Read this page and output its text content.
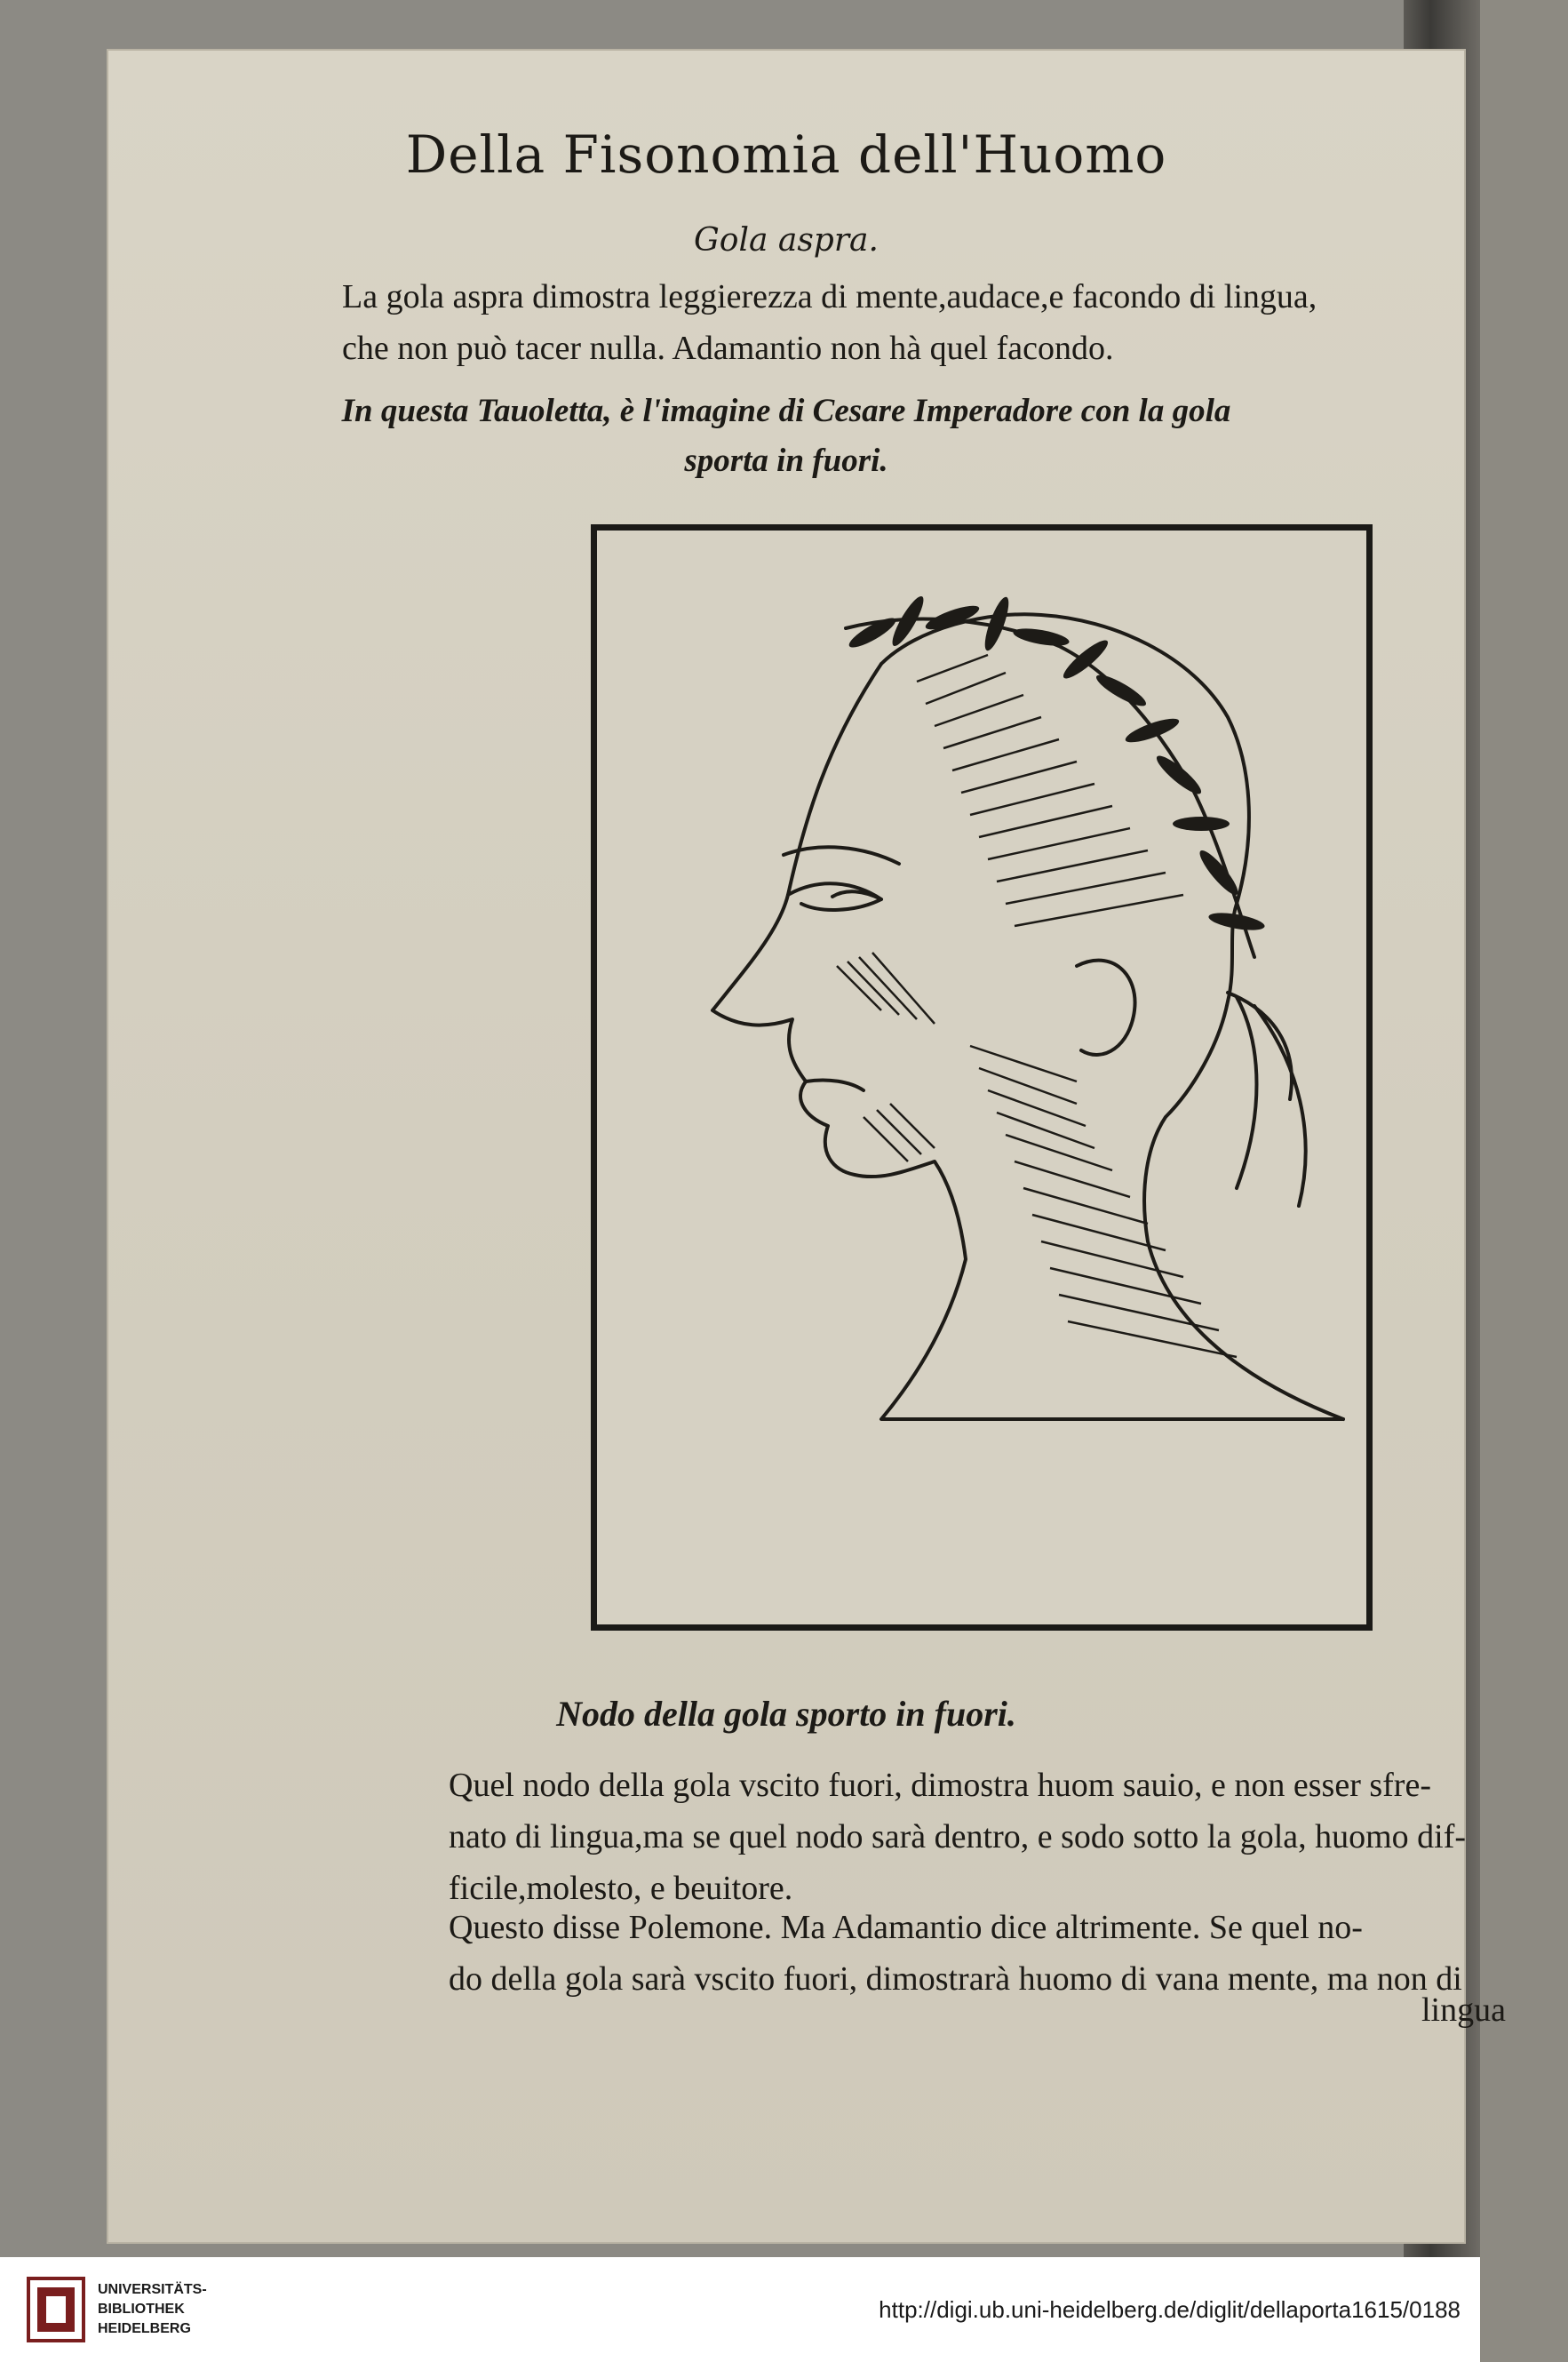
Della Fisonomia dell'Huomo
Gola aspra.
La gola aspra dimostra leggierezza di mente,audace,e facondo di lingua,
che non può tacer nulla. Adamantio non hà quel facondo.
In questa Tauoletta, è l'imagine di Cesare Imperadore con la gola
sporta in fuori.
Nodo della gola sporto in fuori.
Quel nodo della gola vscito fuori, dimostra huom sauio, e non esser sfre-
nato di lingua,ma se quel nodo sarà dentro, e sodo sotto la gola, huomo dif-
ficile,molesto, e beuitore.
Questo disse Polemone. Ma Adamantio dice altrimente. Se quel no-
do della gola sarà vscito fuori, dimostrarà huomo di vana mente, ma non di
lingua
UNIVERSITÄTS-
BIBLIOTHEK
HEIDELBERG
http://digi.ub.uni-heidelberg.de/diglit/dellaporta1615/0188
